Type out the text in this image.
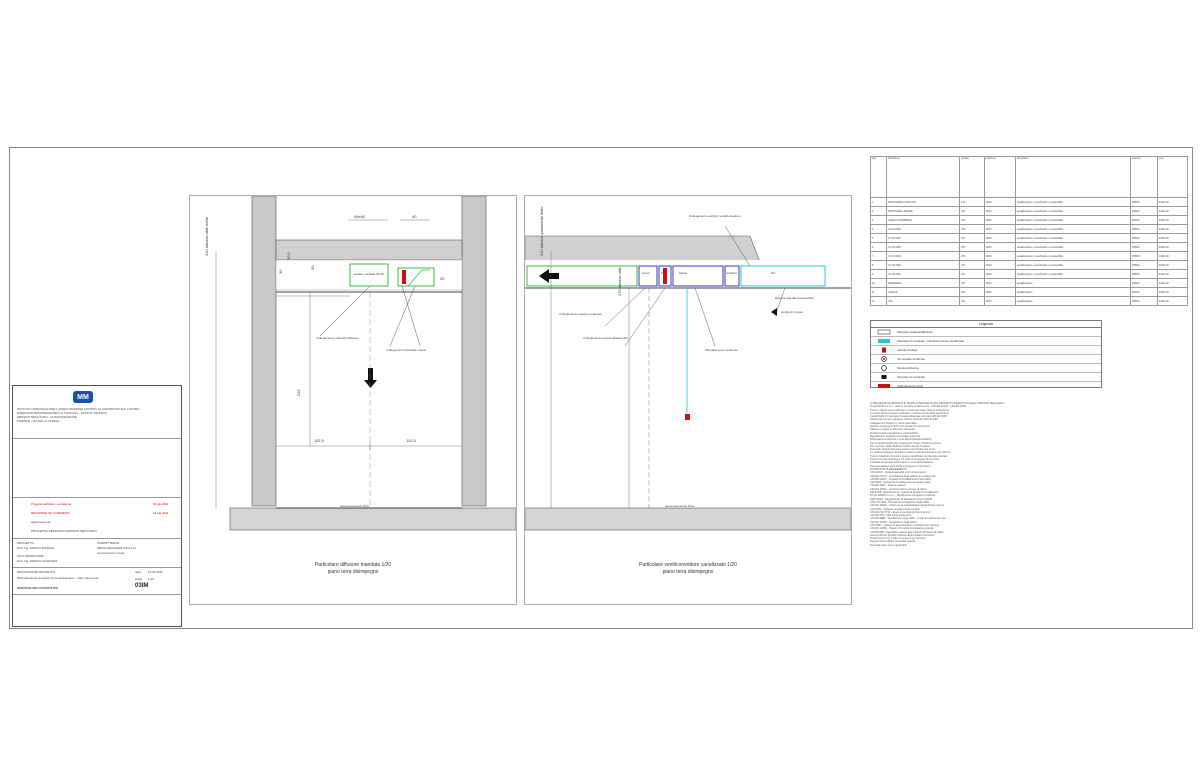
MM
ISTITUTO NAZIONALE PER L'ASSICURAZIONE CONTRO GLI INFORTUNI SUL LAVORO
DIREZIONE REGIONALE PER LA TOSCANA - UFFICIO TECNICO
IMPIANTI MECCANICI - CLIMATIZZAZIONE
FIRENZE - VIA DELLA CHIESA
Progetto definitivo - emissione	16 giu 2011
REVISIONE SU COMMENTI	14 lug 2011
aggiornamento
PROGETTO DEFINITIVO IMPIANTI MECCANICI
PROGETTO
Prof. Ing. MARCO BIANCHI
COLLABORATORE
Prof. Ing. MARCO VALENTINI
COMMITTENTE
MEDIA MANAGER ITALIA srl
via Francesco Crispi
DESCRIZIONE PROGETTO
Ristrutturazione impianto di climatizzazione - uffici piano terra
PARTICOLARI COSTRUTTIVI
data 16.06.2011
scala 1:20
03IM

310 altezza utile netta
215
112,5	112,5
48x40	40
30,5
20
30
50
canale mandata 40x20
Collegamento verticale diffusore
Collegamento flessibile isolato
quota pavimento finito
Particolare diffusore mandata 1/20
piano terra disimpegno
310 altezza pavimento finito
275 altezza utile	plenum	VC	batteria	ventilatore	filtro
Collegamento elettrico ventilconvettore
Collegamento scarico condensa
Collegamento acqua calda/fredda
Mandata verso ambiente
Ripresa aria dal controsoffitto
Griglia di ripresa
quota pavimento finito
Particolare ventilconvettore canalizzato 1/20
piano terra disimpegno
pos	descrizione	portata	pressione	dimensioni	potenza	note
1	DIFFUSORE A SOFFITTO	170	10/20	canalizzazione / macchinario / controsoffitto	RD500	2640x 20
2	DIFFUSORE LINEARE	210	10/20	canalizzazione / macchinario / controsoffitto	RD500	2640x 20
3	GRIGLIA DI RIPRESA	210	10/20	canalizzazione / macchinario / controsoffitto	RD500	2640x 20
4	VC-01 0020	270	10/20	canalizzazione / macchinario / controsoffitto	RD500	2640x 20
5	VC-02 0020	270	10/20	canalizzazione / macchinario / controsoffitto	RD500	2640x 20
6	VC-03 0030	270	10/20	canalizzazione / macchinario / controsoffitto	RD500	2640x 20
7	VC-04 0030	270	10/20	canalizzazione / macchinario / controsoffitto	RD500	2640x 20
8	VC-05 0030	270	10/20	canalizzazione / macchinario / controsoffitto	RD500	2640x 20
9	VC-06 0030	270	10/20	canalizzazione / macchinario / controsoffitto	RD500	2640x 20
10	SERRANDA	150	10/20	canalizzazione	RD500	2640x 20
11	CANALE	150	10/20	canalizzazione	RD500	2640x 20
12	UTA	150	10/20	canalizzazione	RD500	2640x 20
Legenda
Pannello radiante/diffusore
Pannello di mandata - Ventilconvettore canalizzato
valvola di sfogo
Termostato ambiente
Sonda ambiente
Pannello di comando
Collegamento rame

IL PRESENTE ELABORATO E' PARTE INTEGRANTE DEL PROGETTO DEFINITIVO DEGLI IMPIANTI MECCANICI

D.Lgs 81/08 e s.m.i. - Norme tecniche di riferimento - UNI EN 12237 - UNI EN 1505

Tutte le misure sono espresse in centimetri salvo diversa indicazione

Le quote devono essere verificate in cantiere prima della esecuzione

Canalizzazioni in lamiera zincata coibentata secondo UNI EN 1505

Isolamento termico spessore minimo secondo DPR 412/93

Collegamenti idraulici in rame coibentato

Scarico condensa in PVC con pendenza minima 1%

Diffusori e griglie in alluminio verniciato

Ventilconvettori canalizzati a controsoffitto

Regolazione mediante termostato ambiente

Alimentazione elettrica a cura dell'impiantista elettrico

Per le caratteristiche dei componenti vedere relazione tecnica

Per i percorsi delle tubazioni vedere tavole di pianta

Eventuali varianti dovranno essere concordate con la D.L.

Le staffe di sostegno dovranno essere poste ad interasse max 150 cm

Tutte le tubazioni dovranno essere identificate con fascette colorate

Prova di tenuta idraulica a 1,5 volte la pressione di esercizio

Collaudo funzionale dell'impianto a cura dell'installatore

Documentazione as-built da consegnare a fine lavori

NORMATIVA DI RIFERIMENTO

UNI 10339 - Impianti aeraulici a fini di benessere

UNI EN 13779 - Ventilazione degli edifici non residenziali

UNI EN 12831 - Impianti di riscaldamento negli edifici

UNI 5364 - Impianti di riscaldamento ad acqua calda

UNI EN 1264 - Sistemi radianti

UNI EN 14511 - Condizionatori e pompe di calore

DM 37/08 - Disposizioni in materia di attivita' di installazione

D.Lgs 192/05 e s.m.i. - Rendimento energetico in edilizia

DPR 59/09 - Regolamento di attuazione D.Lgs 192/05

UNI TS 11300 - Prestazioni energetiche degli edifici

UNI EN 15251 - Criteri per la progettazione dell'ambiente interno

UNI 8199 - Collaudo acustico degli impianti

UNI EN ISO 7730 - Ergonomia degli ambienti termici

UNI EN 779 - Filtri d'aria antipolvere

UNI EN 1886 - Ventilazione negli edifici - Unita' di trattamento aria

UNI EN 13053 - Ventilazione negli edifici

UNI 9182 - Impianti di alimentazione e distribuzione d'acqua

UNI EN 12056 - Sistemi di scarico funzionanti a gravita'

UNI EN 806 - Specifiche relative agli impianti all'interno di edifici

Norme CEI per la parte elettrica degli impianti meccanici

Prescrizioni VV.F. e ASL competenti per territorio

Regolamento edilizio comunale vigente

Eventuali altre norme applicabili
